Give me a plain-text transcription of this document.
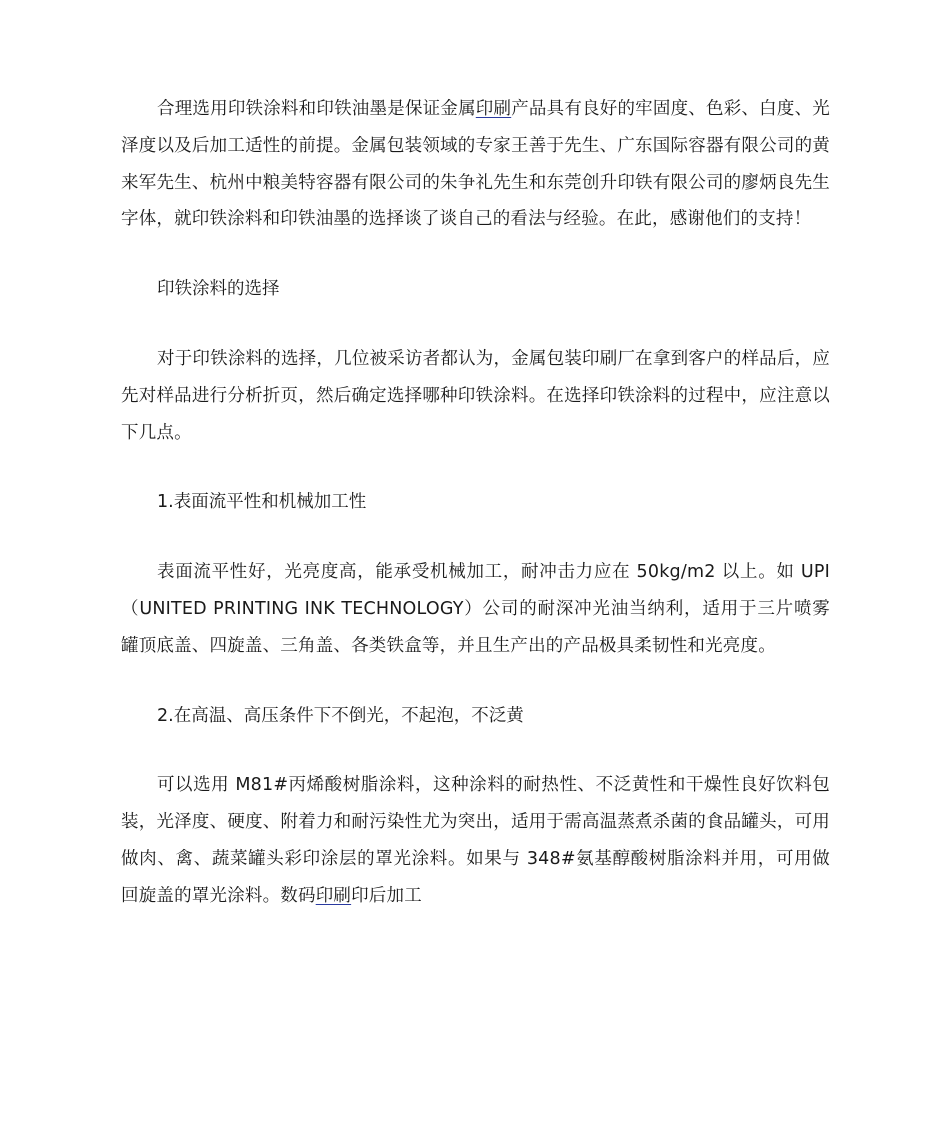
合理选用印铁涂料和印铁油墨是保证金属印刷产品具有良好的牢固度、色彩、白度、光泽度以及后加工适性的前提。金属包装领域的专家王善于先生、广东国际容器有限公司的黄来军先生、杭州中粮美特容器有限公司的朱争礼先生和东莞创升印铁有限公司的廖炳良先生字体，就印铁涂料和印铁油墨的选择谈了谈自己的看法与经验。在此，感谢他们的支持！

印铁涂料的选择

对于印铁涂料的选择，几位被采访者都认为，金属包装印刷厂在拿到客户的样品后，应先对样品进行分析折页，然后确定选择哪种印铁涂料。在选择印铁涂料的过程中，应注意以下几点。

1.表面流平性和机械加工性

表面流平性好，光亮度高，能承受机械加工，耐冲击力应在 50kg/m2 以上。如 UPI（UNITED PRINTING INK TECHNOLOGY）公司的耐深冲光油当纳利，适用于三片喷雾罐顶底盖、四旋盖、三角盖、各类铁盒等，并且生产出的产品极具柔韧性和光亮度。

2.在高温、高压条件下不倒光，不起泡，不泛黄

可以选用 M81#丙烯酸树脂涂料，这种涂料的耐热性、不泛黄性和干燥性良好饮料包装，光泽度、硬度、附着力和耐污染性尤为突出，适用于需高温蒸煮杀菌的食品罐头，可用做肉、禽、蔬菜罐头彩印涂层的罩光涂料。如果与 348#氨基醇酸树脂涂料并用，可用做回旋盖的罩光涂料。数码印刷印后加工
